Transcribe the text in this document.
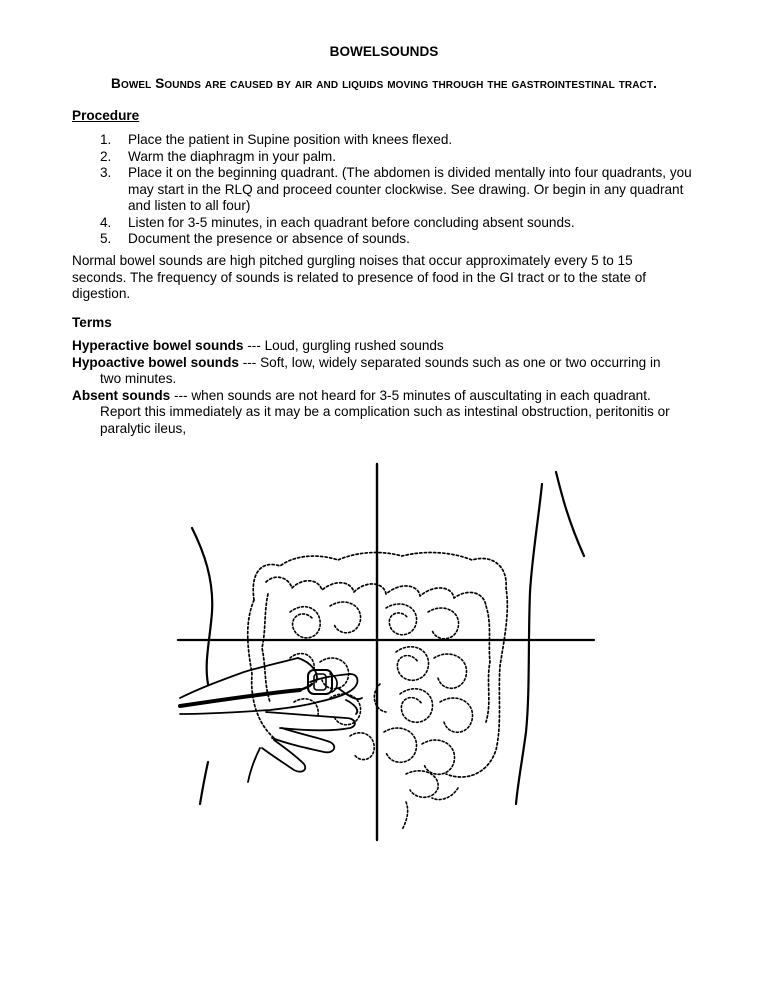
BOWELSOUNDS
Bowel Sounds are caused by air and liquids moving through the gastrointestinal tract.
Procedure
1. Place the patient in Supine position with knees flexed.
2. Warm the diaphragm in your palm.
3. Place it on the beginning quadrant. (The abdomen is divided mentally into four quadrants, you may start in the RLQ and proceed counter clockwise. See drawing. Or begin in any quadrant and listen to all four)
4. Listen for 3-5 minutes, in each quadrant before concluding absent sounds.
5. Document the presence or absence of sounds.

Normal bowel sounds are high pitched gurgling noises that occur approximately every 5 to 15 seconds. The frequency of sounds is related to presence of food in the GI tract or to the state of digestion.

Terms
Hyperactive bowel sounds --- Loud, gurgling rushed sounds
Hypoactive bowel sounds --- Soft, low, widely separated sounds such as one or two occurring in two minutes.
Absent sounds --- when sounds are not heard for 3-5 minutes of auscultating in each quadrant. Report this immediately as it may be a complication such as intestinal obstruction, peritonitis or paralytic ileus,
